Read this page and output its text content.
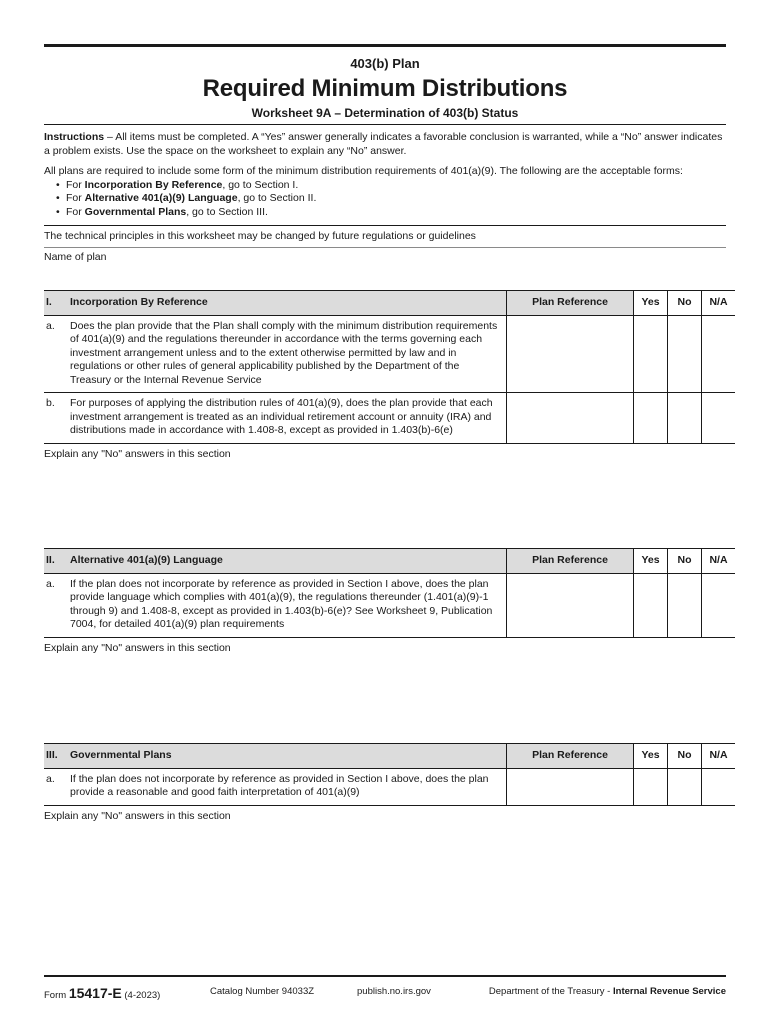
403(b) Plan
Required Minimum Distributions
Worksheet 9A – Determination of 403(b) Status
Instructions – All items must be completed. A “Yes” answer generally indicates a favorable conclusion is warranted, while a “No” answer indicates a problem exists. Use the space on the worksheet to explain any “No” answer.
All plans are required to include some form of the minimum distribution requirements of 401(a)(9). The following are the acceptable forms:
• For Incorporation By Reference, go to Section I.
• For Alternative 401(a)(9) Language, go to Section II.
• For Governmental Plans, go to Section III.
The technical principles in this worksheet may be changed by future regulations or guidelines
Name of plan
I.	Incorporation By Reference	Plan Reference	Yes	No	N/A
a.	Does the plan provide that the Plan shall comply with the minimum distribution requirements of 401(a)(9) and the regulations thereunder in accordance with the terms governing each investment arrangement unless and to the extent otherwise permitted by law and in regulations or other rules of general applicability published by the Department of the Treasury or the Internal Revenue Service				
b.	For purposes of applying the distribution rules of 401(a)(9), does the plan provide that each investment arrangement is treated as an individual retirement account or annuity (IRA) and distributions made in accordance with 1.408-8, except as provided in 1.403(b)-6(e)				
Explain any "No" answers in this section
II.	Alternative 401(a)(9) Language	Plan Reference	Yes	No	N/A
a.	If the plan does not incorporate by reference as provided in Section I above, does the plan provide language which complies with 401(a)(9), the regulations thereunder (1.401(a)(9)-1 through 9) and 1.408-8, except as provided in 1.403(b)-6(e)? See Worksheet 9, Publication 7004, for detailed 401(a)(9) plan requirements				
Explain any "No" answers in this section
III.	Governmental Plans	Plan Reference	Yes	No	N/A
a.	If the plan does not incorporate by reference as provided in Section I above, does the plan provide a reasonable and good faith interpretation of 401(a)(9)				
Explain any "No" answers in this section
Form 15417-E (4-2023)	Catalog Number 94033Z	publish.no.irs.gov	Department of the Treasury - Internal Revenue Service
